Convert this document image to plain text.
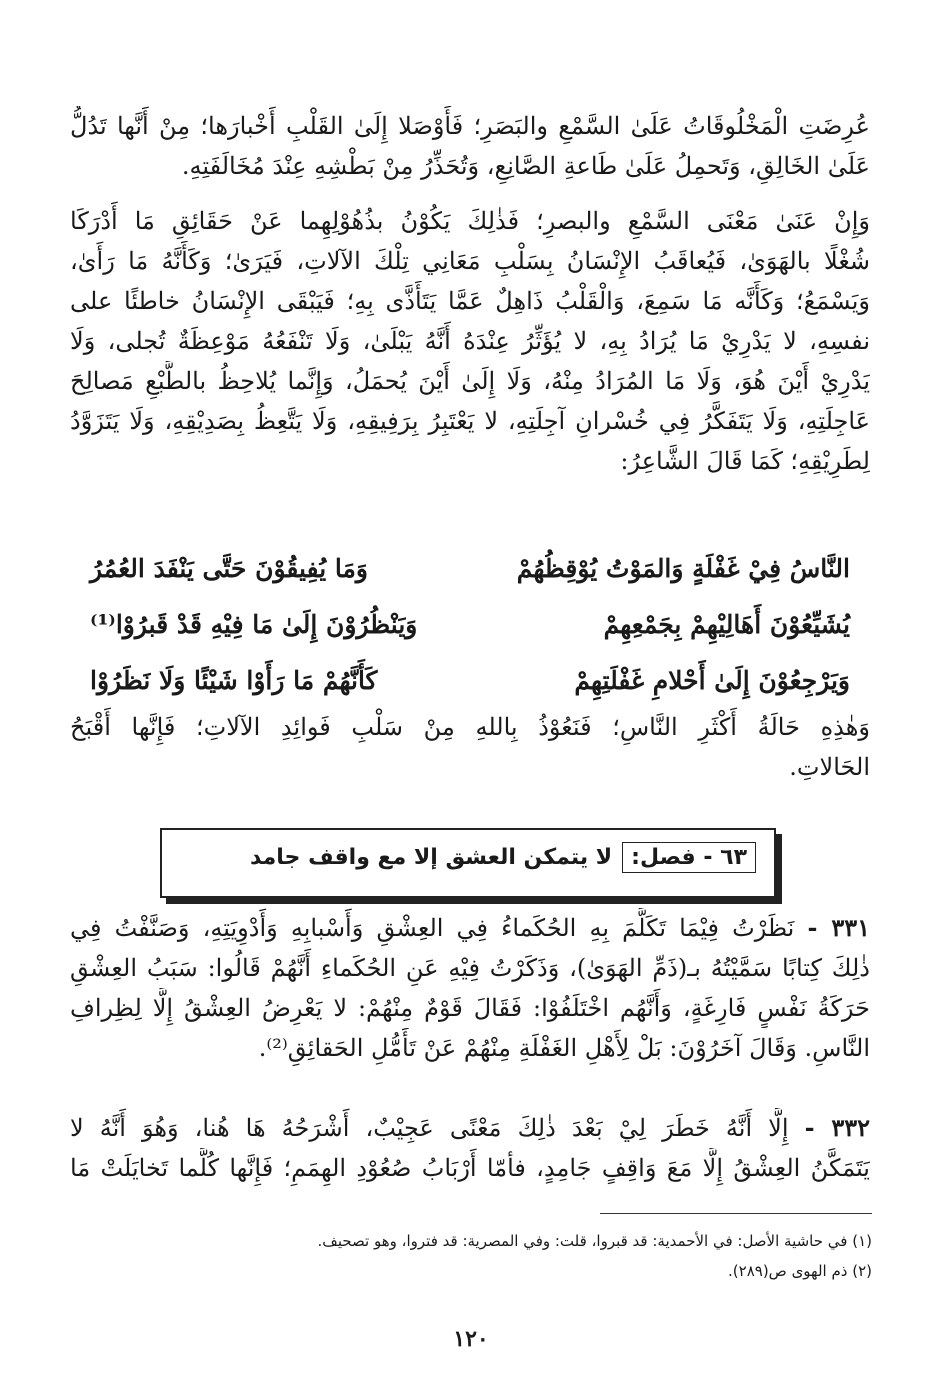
عُرِضَتِ الْمَخْلُوقَاتُ عَلَىٰ السَّمْعِ والبَصَرِ؛ فَأَوْصَلا إِلَىٰ القَلْبِ أَخْبارَها؛ مِنْ أَنَّها تَدُلُّ
عَلَىٰ الخَالِقِ، وَتَحمِلُ عَلَىٰ طَاعةِ الصَّانِعِ، وَتُحَذِّرُ مِنْ بَطْشِهِ عِنْدَ مُخَالَفَتِهِ.
وَإِنْ عَنَىٰ مَعْنَى السَّمْعِ والبصرِ؛ فَذٰلِكَ يَكُوْنُ بذُهُوْلِهِما عَنْ حَقَائِقِ مَا أَدْرَكَا
شُغْلًا بالهَوَىٰ، فَيُعاقَبُ الإِنْسَانُ بِسَلْبِ مَعَانِي تِلْكَ الآلاتِ، فَيَرَىٰ؛ وَكَأَنَّهُ مَا رَأَىٰ،
وَيَسْمَعُ؛ وَكَأَنَّه مَا سَمِعَ، وَالْقَلْبُ ذَاهِلٌ عَمَّا يَتَأَذَّى بِهِ؛ فَيَبْقَى الإِنْسَانُ خاطئًا على
نفسِهِ، لا يَدْرِيْ مَا يُرَادُ بِهِ، لا يُؤَثِّرُ عِنْدَهُ أَنَّهُ يَبْلَىٰ، وَلَا تَنْفَعُهُ مَوْعِظَةٌ تُجلى، وَلَا
يَدْرِيْ أَيْنَ هُوَ، وَلَا مَا المُرَادُ مِنْهُ، وَلَا إِلَىٰ أَيْنَ يُحمَلُ، وَإِنَّما يُلاحِظُ بالطَّبْعِ مَصالِحَ
عَاجِلَتِهِ، وَلَا يَتَفَكَّرُ فِي خُسْرانِ آجِلَتِهِ، لا يَعْتَبِرُ بِرَفِيقِهِ، وَلَا يَتَّعِظُ بِصَدِيْقِهِ، وَلَا يَتَزَوَّدُ
لِطَرِيْقِهِ؛ كَمَا قَالَ الشَّاعِرُ:
النَّاسُ فِيْ غَفْلَةٍ وَالمَوْتُ يُوْقِظُهُمْ
وَمَا يُفِيقُوْنَ حَتَّى يَنْفَدَ العُمُرُ
يُشَيِّعُوْنَ أَهَالِيْهِمْ بِجَمْعِهِمْ
وَيَنْظُرُوْنَ إِلَىٰ مَا فِيْهِ قَدْ قَبرُوْا⁽¹⁾
وَيَرْجِعُوْنَ إِلَىٰ أَحْلامِ غَفْلَتِهِمْ
كَأَنَّهُمْ مَا رَأَوْا شَيْئًا وَلَا نَظَرُوْا
وَهٰذِهِ حَالَةُ أَكْثَرِ النَّاسِ؛ فَنَعُوْذُ بِاللهِ مِنْ سَلْبِ فَوائِدِ الآلاتِ؛ فَإِنَّها أَقْبَحُ
الحَالاتِ.
٦٣ - فصل:
لا يتمكن العشق إلا مع واقف جامد
٣٣١ - نَظَرْتُ فِيْمَا تَكَلَّمَ بِهِ الحُكَماءُ فِي العِشْقِ وَأَسْبابِهِ وَأَدْوِيَتِهِ، وَصَنَّفْتُ فِي
ذٰلِكَ كِتابًا سَمَّيْتُهُ بـ(ذَمِّ الهَوَىٰ)، وَذَكَرْتُ فِيْهِ عَنِ الحُكَماءِ أَنَّهُمْ قَالُوا: سَبَبُ العِشْقِ
حَرَكَةُ نَفْسٍ فَارِغَةٍ، وَأَنَّهُم اخْتَلَفُوْا: فَقَالَ قَوْمٌ مِنْهُمْ: لا يَعْرِضُ العِشْقُ إِلَّا لِظِرافِ
النَّاسِ. وَقَالَ آخَرُوْنَ: بَلْ لِأَهْلِ الغَفْلَةِ مِنْهُمْ عَنْ تَأَمُّلِ الحَقائِقِ⁽²⁾.
٣٣٢ - إِلَّا أَنَّهُ خَطَرَ لِيْ بَعْدَ ذٰلِكَ مَعْنًى عَجِيْبٌ، أَشْرَحُهُ هَا هُنا، وَهُوَ أَنَّهُ لا
يَتَمَكَّنُ العِشْقُ إِلَّا مَعَ وَاقِفٍ جَامِدٍ، فأمّا أَرْبَابُ صُعُوْدِ الهِمَمِ؛ فَإِنَّها كُلَّما تَخايَلَتْ مَا
(١) في حاشية الأصل: في الأحمدية: قد قبروا، قلت: وفي المصرية: قد فتروا، وهو تصحيف.
(٢) ذم الهوى ص(٢٨٩).
١٢٠
